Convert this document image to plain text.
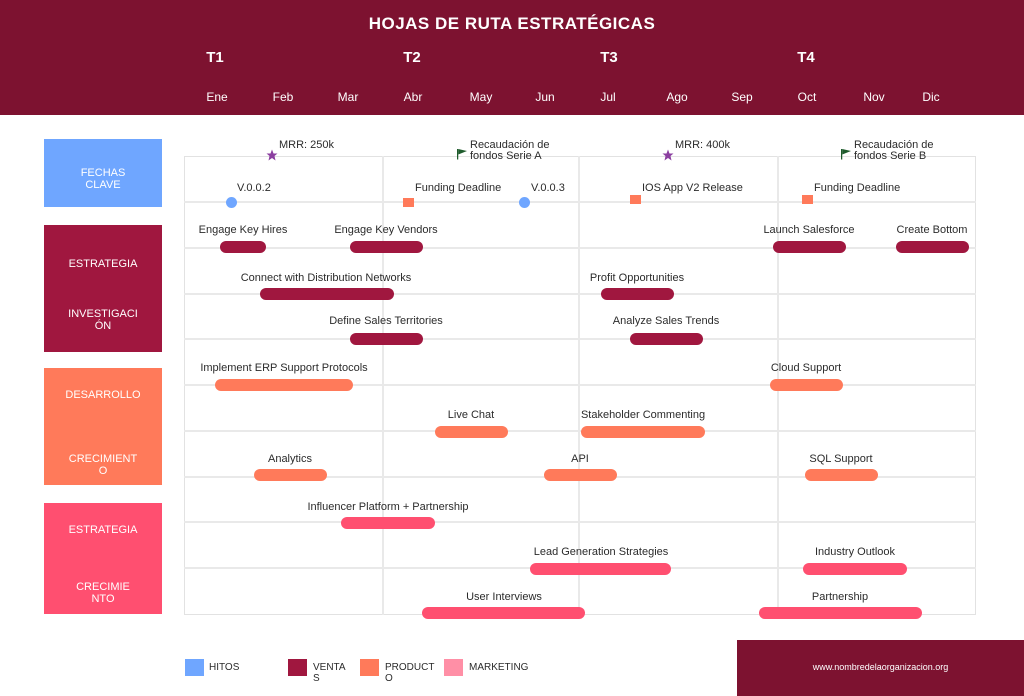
HOJAS DE RUTA ESTRATÉGICAS
T1	T2	T3	T4
Ene	Feb	Mar	Abr	May	Jun	Jul	Ago	Sep	Oct	Nov	Dic
FECHAS
CLAVE
ESTRATEGIA
INVESTIGACI
ÓN
DESARROLLO
CRECIMIENT
O
ESTRATEGIA
CRECIMIE
NTO
MRR: 250k	Recaudación de
fondos Serie A
MRR: 400k	Recaudación de
fondos Serie B
V.0.0.2	Funding Deadline	V.0.0.3	IOS App V2 Release	Funding Deadline
Engage Key Hires	Engage Key Vendors	Launch Salesforce	Create Bottom
Connect with Distribution Networks	Profit Opportunities
Define Sales Territories	Analyze Sales Trends
Implement ERP Support Protocols	Cloud Support
Live Chat	Stakeholder Commenting
Analytics	API	SQL Support
Influencer Platform + Partnership
Lead Generation Strategies	Industry Outlook
User Interviews	Partnership
HITOS	VENTA
S
PRODUCT
O
MARKETING	www.nombredelaorganizacion.org
